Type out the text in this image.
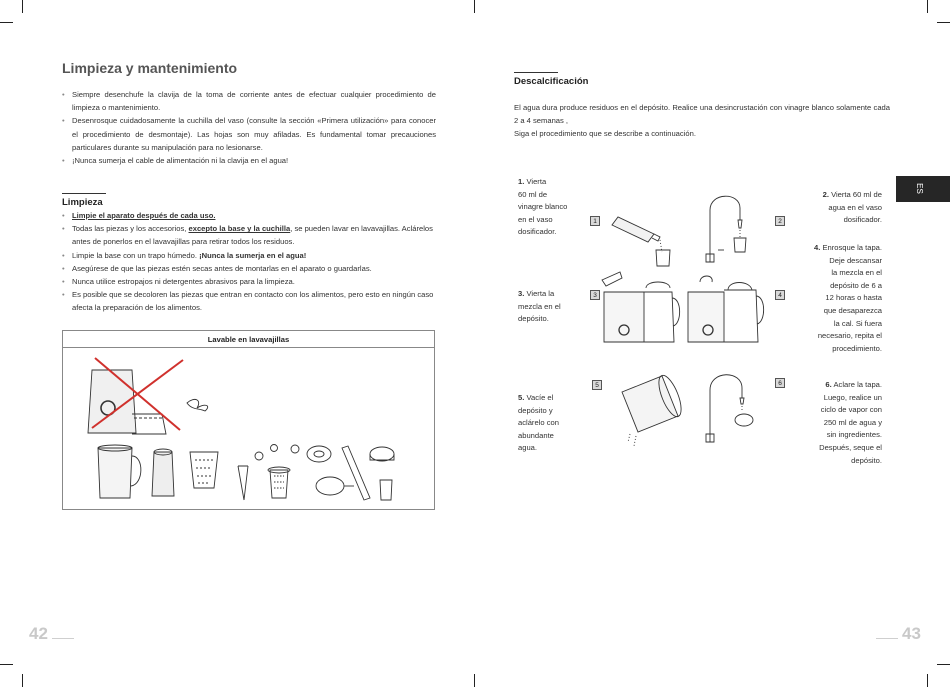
Limpieza y mantenimiento
• Siempre desenchufe la clavija de la toma de corriente antes de efectuar cualquier procedimiento de limpieza o mantenimiento.
• Desenrosque cuidadosamente la cuchilla del vaso (consulte la sección «Primera utilización» para conocer el procedimiento de desmontaje). Las hojas son muy afiladas. Es fundamental tomar precauciones particulares durante su manipulación para no lesionarse.
• ¡Nunca sumerja el cable de alimentación ni la clavija en el agua!
Limpieza
• Limpie el aparato después de cada uso.
• Todas las piezas y los accesorios, excepto la base y la cuchilla, se pueden lavar en lavavajillas. Aclárelos antes de ponerlos en el lavavajillas para retirar todos los residuos.
• Limpie la base con un trapo húmedo. ¡Nunca la sumerja en el agua!
• Asegúrese de que las piezas estén secas antes de montarlas en el aparato o guardarlas.
• Nunca utilice estropajos ni detergentes abrasivos para la limpieza.
• Es posible que se decoloren las piezas que entran en contacto con los alimentos, pero esto en ningún caso afecta la preparación de los alimentos.
Lavable en lavavajillas
42
Descalcificación
El agua dura produce residuos en el depósito. Realice una desincrustación con vinagre blanco solamente cada 2 a 4 semanas ,
Siga el procedimiento que se describe a continuación.
1. Vierta
60 ml de
vinagre blanco
en el vaso
dosificador.
3. Vierta la
mezcla en el
depósito.
5. Vacíe el
depósito y
aclárelo con
abundante
agua.
2. Vierta 60 ml de
agua en el vaso
dosificador.
4. Enrosque la tapa.
Deje descansar
la mezcla en el
depósito de 6 a
12 horas o hasta
que desaparezca
la cal. Si fuera
necesario, repita el
procedimiento.
6. Aclare la tapa.
Luego, realice un
ciclo de vapor con
250 ml de agua y
sin ingredientes.
Después, seque el
depósito.
1	2
3	4
5	6
ES
43
